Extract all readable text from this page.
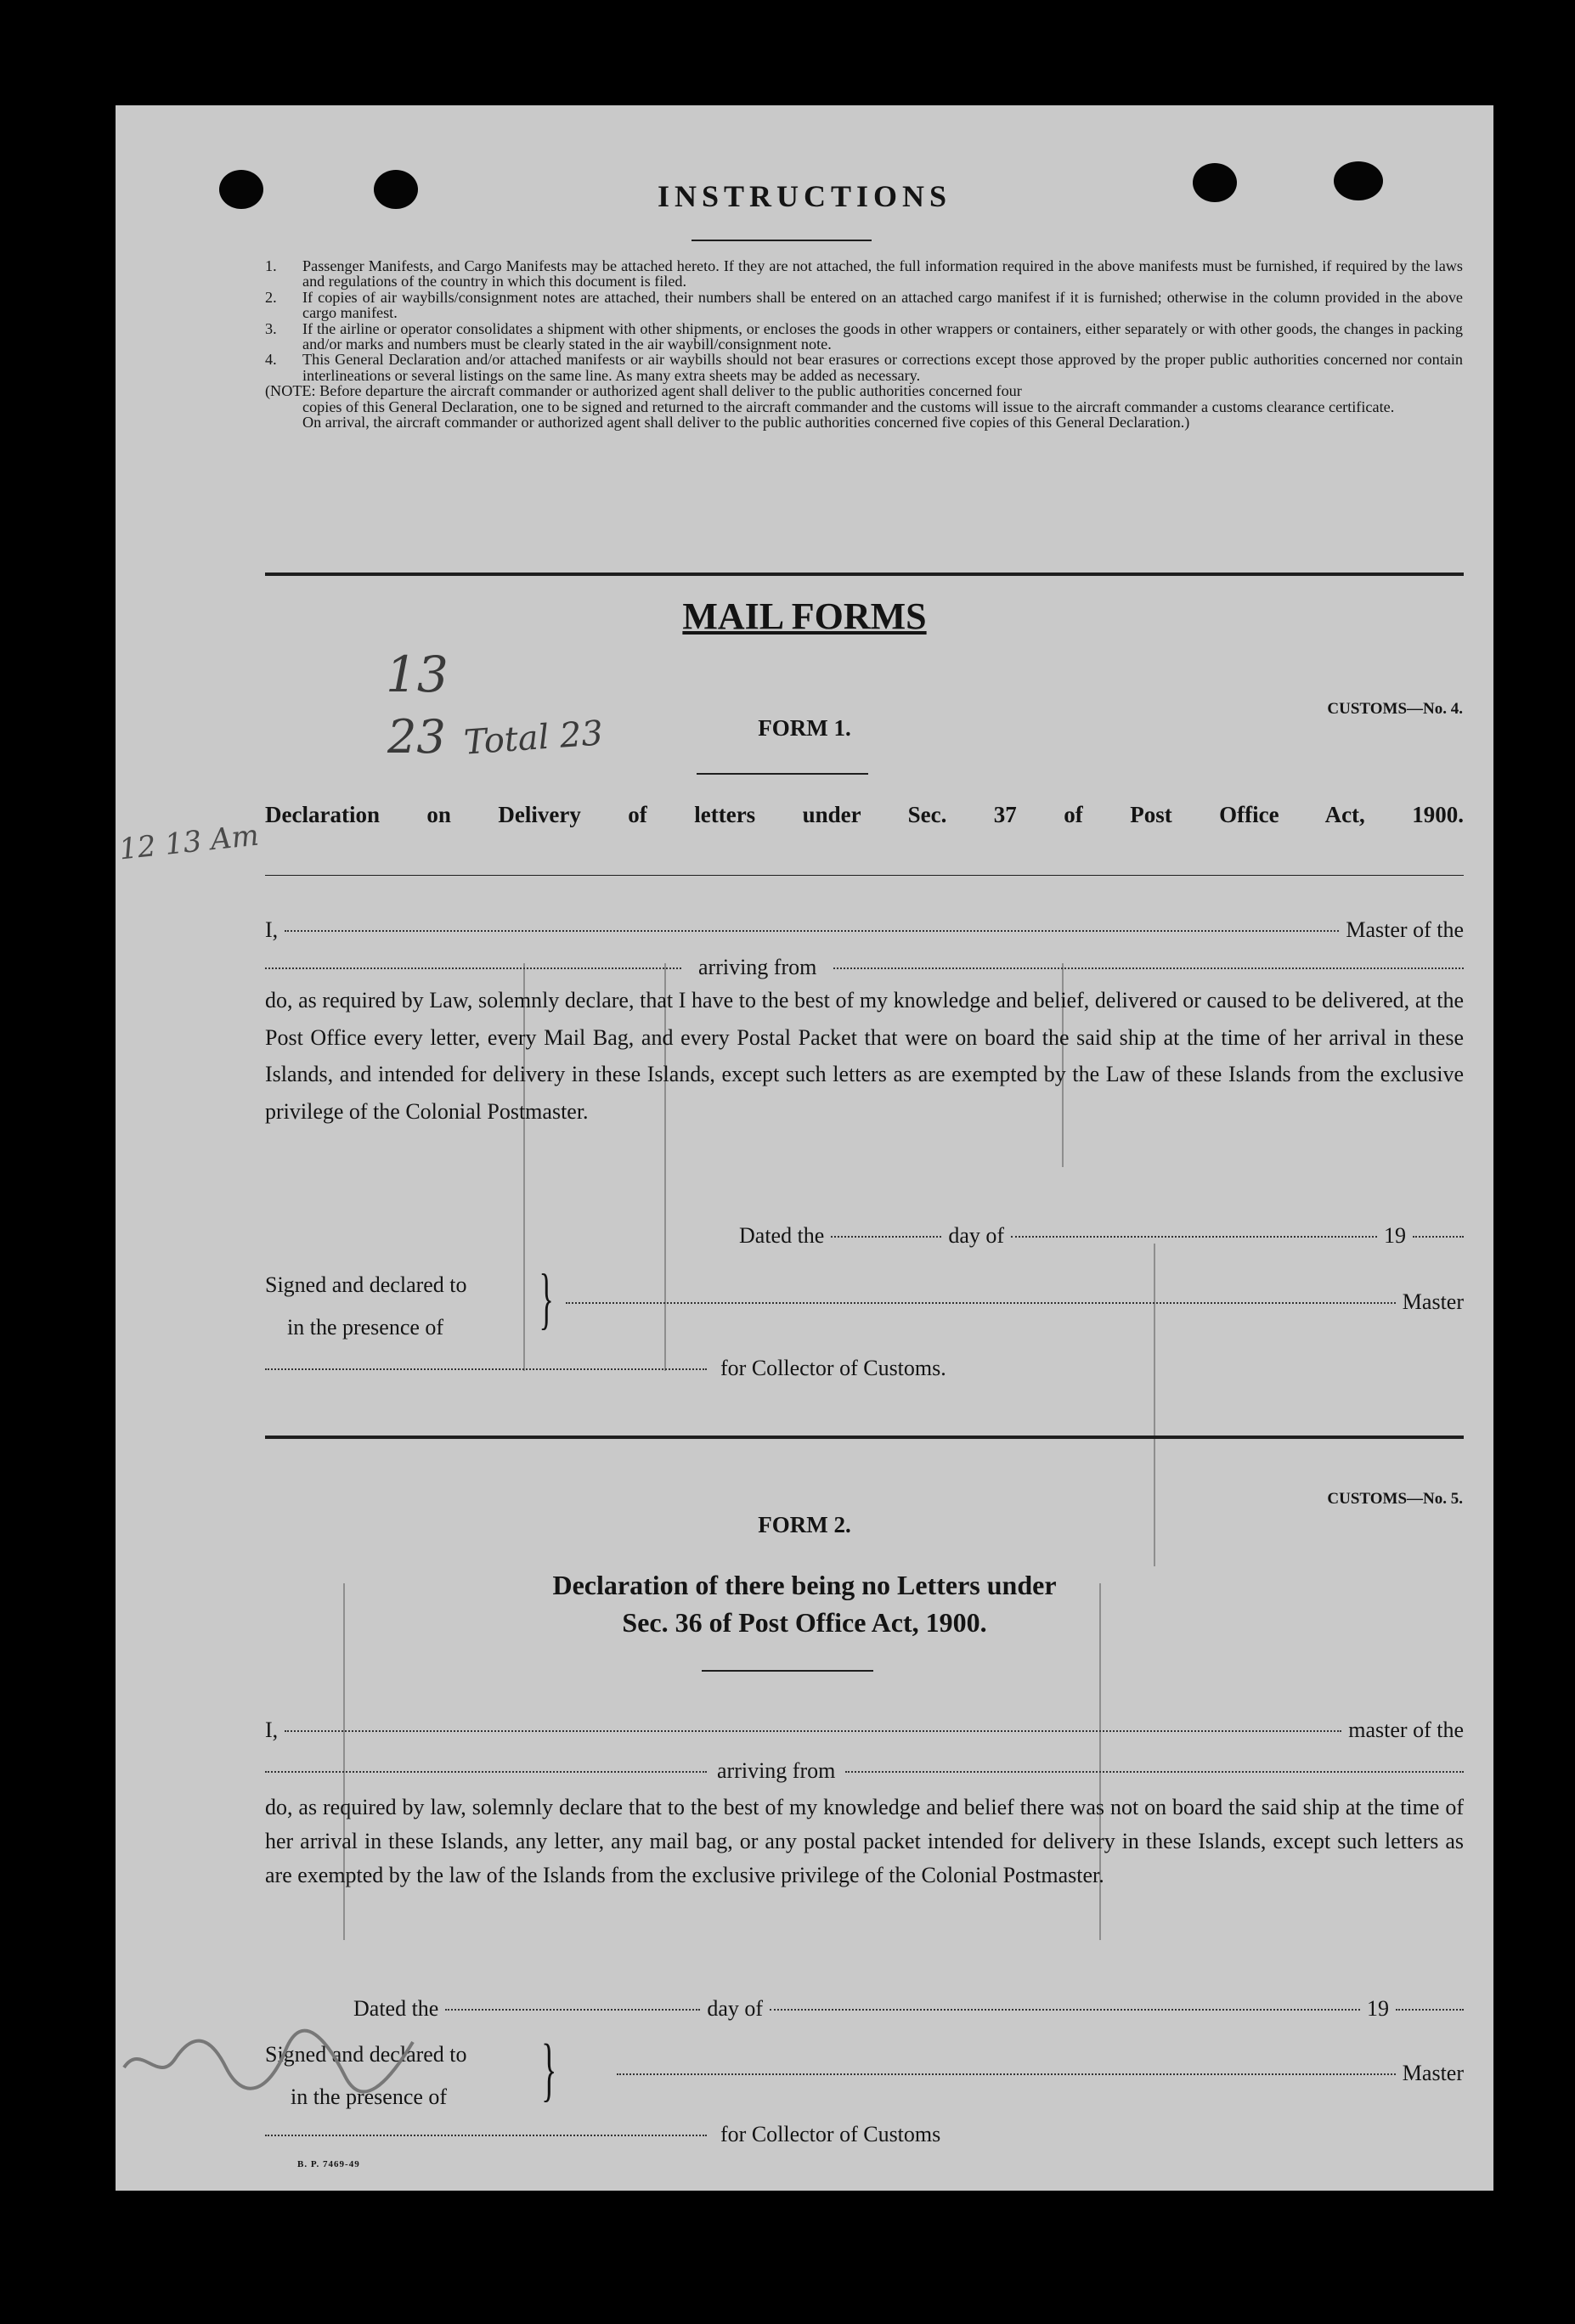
INSTRUCTIONS
1.	Passenger Manifests, and Cargo Manifests may be attached hereto. If they are not attached, the full information required in the above manifests must be furnished, if required by the laws and regulations of the country in which this document is filed.
2.	If copies of air waybills/consignment notes are attached, their numbers shall be entered on an attached cargo manifest if it is furnished; otherwise in the column provided in the above cargo manifest.
3.	If the airline or operator consolidates a shipment with other shipments, or encloses the goods in other wrappers or containers, either separately or with other goods, the changes in packing and/or marks and numbers must be clearly stated in the air waybill/consignment note.
4.	This General Declaration and/or attached manifests or air waybills should not bear erasures or corrections except those approved by the proper public authorities concerned nor contain interlineations or several listings on the same line. As many extra sheets may be added as necessary.
(NOTE: Before departure the aircraft commander or authorized agent shall deliver to the public authorities concerned four
copies of this General Declaration, one to be signed and returned to the aircraft commander and the customs will issue to the aircraft commander a customs clearance certificate.
On arrival, the aircraft commander or authorized agent shall deliver to the public authorities concerned five copies of this General Declaration.)
MAIL FORMS
CUSTOMS—No. 4.
FORM 1.
Declaration on Delivery of letters under Sec. 37 of Post Office Act, 1900.
I,	Master of the
arriving from
do, as required by Law, solemnly declare, that I have to the best of my knowledge and belief, delivered or caused to be delivered, at the Post Office every letter, every Mail Bag, and every Postal Packet that were on board the said ship at the time of her arrival in these Islands, and intended for delivery in these Islands, except such letters as are exempted by the Law of these Islands from the exclusive privilege of the Colonial Postmaster.
Dated the	day of	19
Signed and declared to
in the presence of	}	Master
for Collector of Customs.
CUSTOMS—No. 5.
FORM 2.
Declaration of there being no Letters under
Sec. 36 of Post Office Act, 1900.
I,	master of the
arriving from
do, as required by law, solemnly declare that to the best of my knowledge and belief there was not on board the said ship at the time of her arrival in these Islands, any letter, any mail bag, or any postal packet intended for delivery in these Islands, except such letters as are exempted by the law of the Islands from the exclusive privilege of the Colonial Postmaster.
Dated the	day of	19
Signed and declared to
in the presence of }	Master
for Collector of Customs
B. P. 7469-49
13
23 Total 23
12 13 Am
